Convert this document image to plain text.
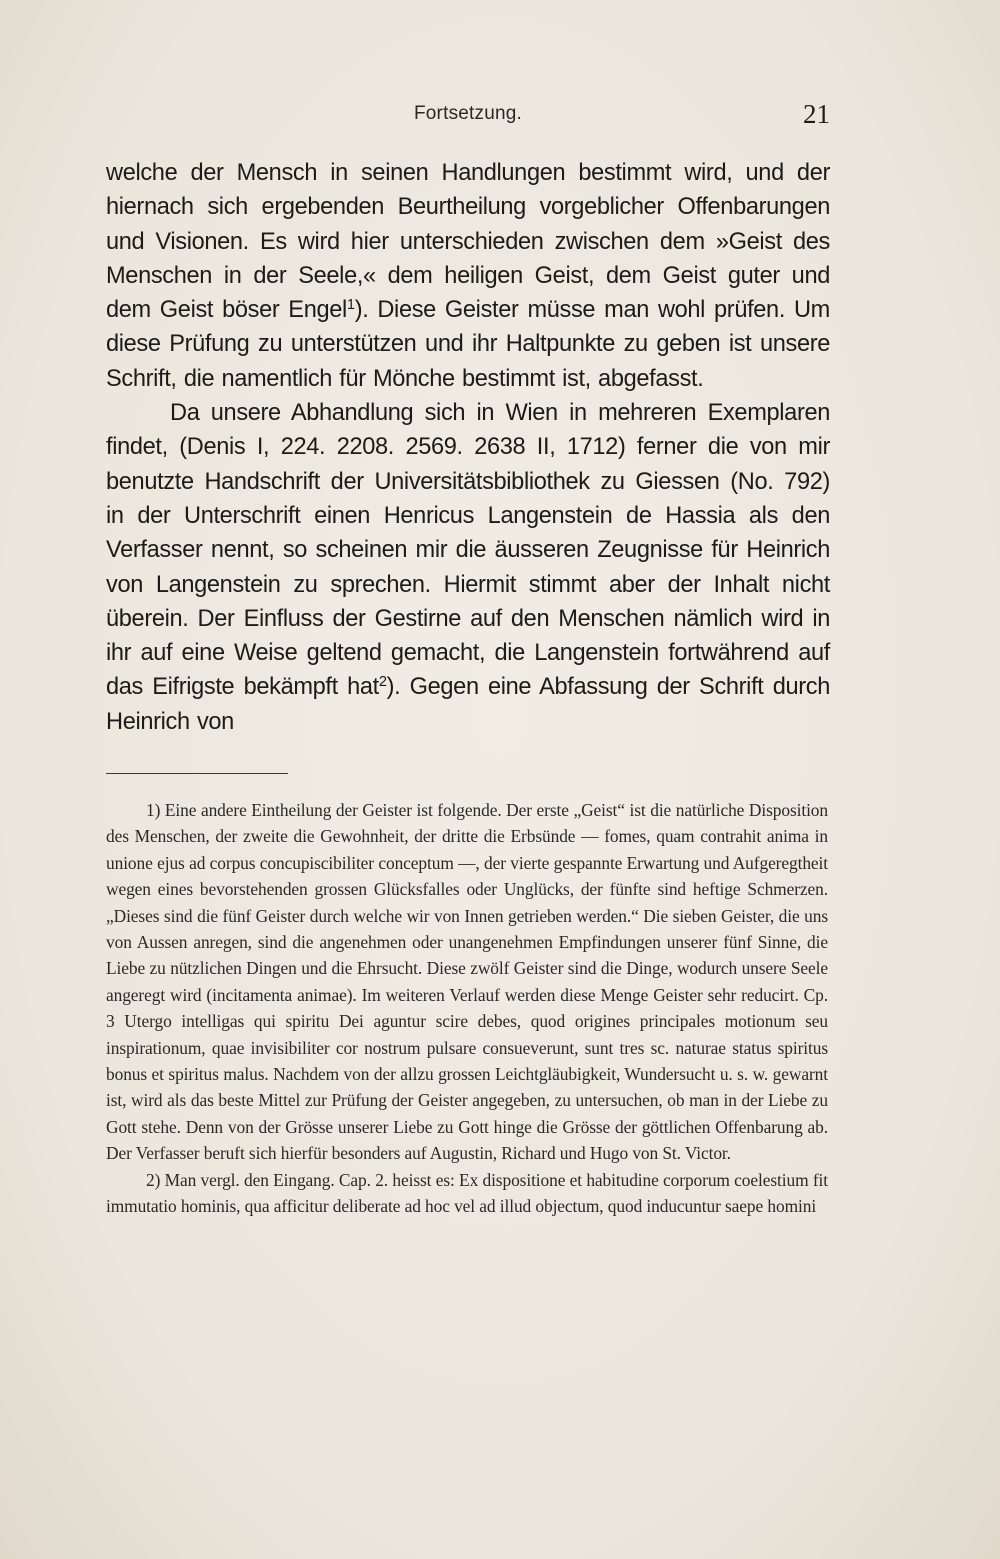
Fortsetzung.	21

welche der Mensch in seinen Handlungen bestimmt wird, und der hiernach sich ergebenden Beurtheilung vorgeblicher Offenbarungen und Visionen. Es wird hier unterschieden zwischen dem »Geist des Menschen in der Seele,« dem heiligen Geist, dem Geist guter und dem Geist böser Engel$^1$). Diese Geister müsse man wohl prüfen. Um diese Prüfung zu unterstützen und ihr Haltpunkte zu geben ist unsere Schrift, die namentlich für Mönche bestimmt ist, abgefasst.

Da unsere Abhandlung sich in Wien in mehreren Exemplaren findet, (Denis I, 224. 2208. 2569. 2638 II, 1712) ferner die von mir benutzte Handschrift der Universitätsbibliothek zu Giessen (No. 792) in der Unterschrift einen Henricus Langenstein de Hassia als den Verfasser nennt, so scheinen mir die äusseren Zeugnisse für Heinrich von Langenstein zu sprechen. Hiermit stimmt aber der Inhalt nicht überein. Der Einfluss der Gestirne auf den Menschen nämlich wird in ihr auf eine Weise geltend gemacht, die Langenstein fortwährend auf das Eifrigste bekämpft hat$^2$). Gegen eine Abfassung der Schrift durch Heinrich von

1) Eine andere Eintheilung der Geister ist folgende. Der erste „Geist“ ist die natürliche Disposition des Menschen, der zweite die Gewohnheit, der dritte die Erbsünde — fomes, quam contrahit anima in unione ejus ad corpus concupiscibiliter conceptum —, der vierte gespannte Erwartung und Aufgeregtheit wegen eines bevorstehenden grossen Glücksfalles oder Unglücks, der fünfte sind heftige Schmerzen. „Dieses sind die fünf Geister durch welche wir von Innen getrieben werden.“ Die sieben Geister, die uns von Aussen anregen, sind die angenehmen oder unangenehmen Empfindungen unserer fünf Sinne, die Liebe zu nützlichen Dingen und die Ehrsucht. Diese zwölf Geister sind die Dinge, wodurch unsere Seele angeregt wird (incitamenta animae). Im weiteren Verlauf werden diese Menge Geister sehr reducirt. Cp. 3 Utergo intelligas qui spiritu Dei aguntur scire debes, quod origines principales motionum seu inspirationum, quae invisibiliter cor nostrum pulsare consueverunt, sunt tres sc. naturae status spiritus bonus et spiritus malus. Nachdem von der allzu grossen Leichtgläubigkeit, Wundersucht u. s. w. gewarnt ist, wird als das beste Mittel zur Prüfung der Geister angegeben, zu untersuchen, ob man in der Liebe zu Gott stehe. Denn von der Grösse unserer Liebe zu Gott hinge die Grösse der göttlichen Offenbarung ab. Der Verfasser beruft sich hierfür besonders auf Augustin, Richard und Hugo von St. Victor.

2) Man vergl. den Eingang. Cap. 2. heisst es: Ex dispositione et habitudine corporum coelestium fit immutatio hominis, qua afficitur deliberate ad hoc vel ad illud objectum, quod inducuntur saepe homini
